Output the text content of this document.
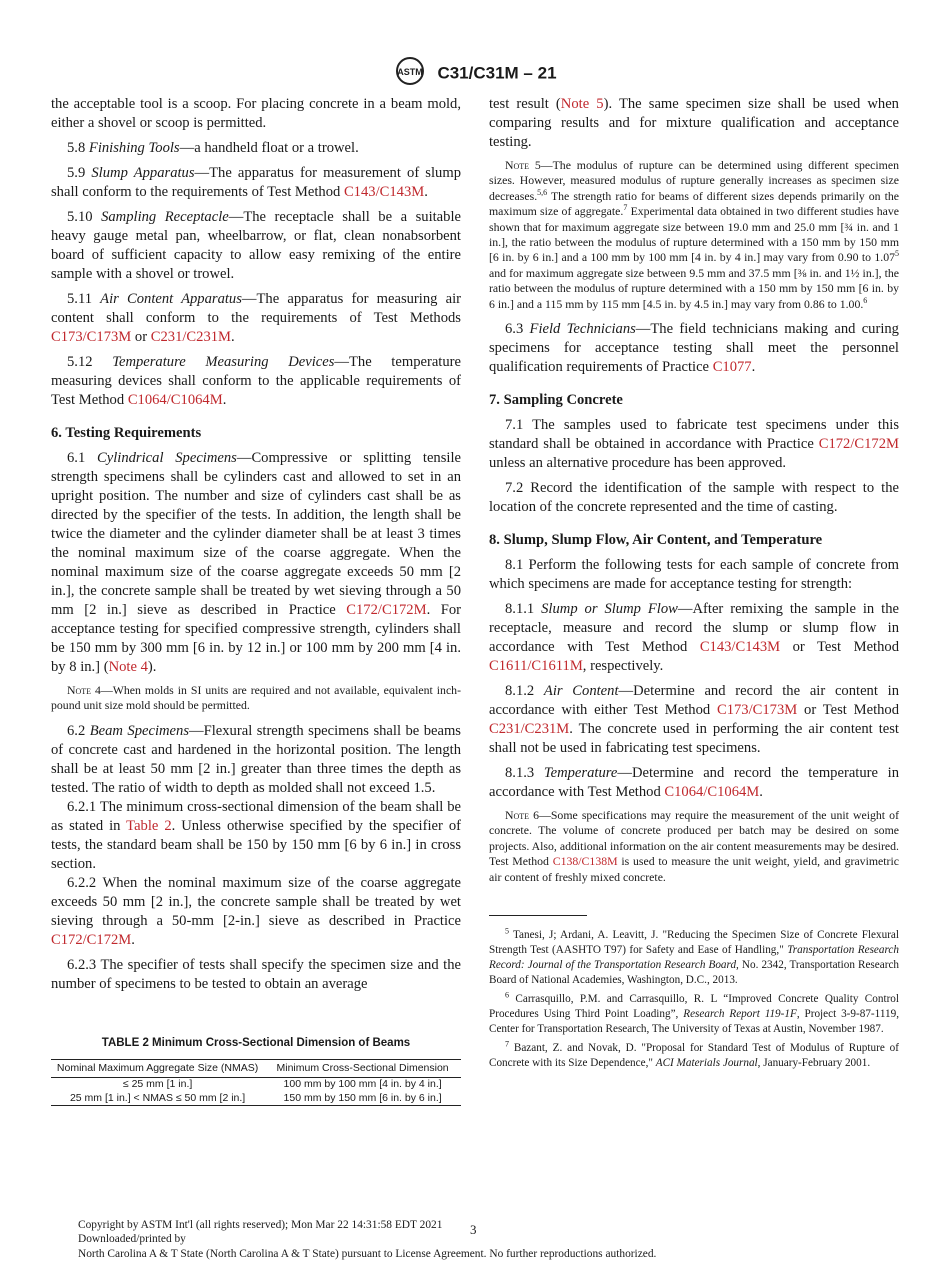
ASTM C31/C31M – 21

the acceptable tool is a scoop. For placing concrete in a beam mold, either a shovel or scoop is permitted.

5.8 Finishing Tools—a handheld float or a trowel.

5.9 Slump Apparatus—The apparatus for measurement of slump shall conform to the requirements of Test Method C143/C143M.

5.10 Sampling Receptacle—The receptacle shall be a suitable heavy gauge metal pan, wheelbarrow, or flat, clean nonabsorbent board of sufficient capacity to allow easy remixing of the entire sample with a shovel or trowel.

5.11 Air Content Apparatus—The apparatus for measuring air content shall conform to the requirements of Test Methods C173/C173M or C231/C231M.

5.12 Temperature Measuring Devices—The temperature measuring devices shall conform to the applicable requirements of Test Method C1064/C1064M.

6. Testing Requirements

6.1 Cylindrical Specimens—Compressive or splitting tensile strength specimens shall be cylinders cast and allowed to set in an upright position. The number and size of cylinders cast shall be as directed by the specifier of the tests. In addition, the length shall be twice the diameter and the cylinder diameter shall be at least 3 times the nominal maximum size of the coarse aggregate. When the nominal maximum size of the coarse aggregate exceeds 50 mm [2 in.], the concrete sample shall be treated by wet sieving through a 50 mm [2 in.] sieve as described in Practice C172/C172M. For acceptance testing for specified compressive strength, cylinders shall be 150 mm by 300 mm [6 in. by 12 in.] or 100 mm by 200 mm [4 in. by 8 in.] (Note 4).

Note 4—When molds in SI units are required and not available, equivalent inch-pound unit size mold should be permitted.

6.2 Beam Specimens—Flexural strength specimens shall be beams of concrete cast and hardened in the horizontal position. The length shall be at least 50 mm [2 in.] greater than three times the depth as tested. The ratio of width to depth as molded shall not exceed 1.5.

6.2.1 The minimum cross-sectional dimension of the beam shall be as stated in Table 2. Unless otherwise specified by the specifier of tests, the standard beam shall be 150 by 150 mm [6 by 6 in.] in cross section.

6.2.2 When the nominal maximum size of the coarse aggregate exceeds 50 mm [2 in.], the concrete sample shall be treated by wet sieving through a 50-mm [2-in.] sieve as described in Practice C172/C172M.

6.2.3 The specifier of tests shall specify the specimen size and the number of specimens to be tested to obtain an average

TABLE 2 Minimum Cross-Sectional Dimension of Beams
Nominal Maximum Aggregate Size (NMAS)	Minimum Cross-Sectional Dimension
≤ 25 mm [1 in.]	100 mm by 100 mm [4 in. by 4 in.]
25 mm [1 in.] < NMAS ≤ 50 mm [2 in.]	150 mm by 150 mm [6 in. by 6 in.]

test result (Note 5). The same specimen size shall be used when comparing results and for mixture qualification and acceptance testing.

Note 5—The modulus of rupture can be determined using different specimen sizes. However, measured modulus of rupture generally increases as specimen size decreases.$^{5,6}$ The strength ratio for beams of different sizes depends primarily on the maximum size of aggregate.$^7$ Experimental data obtained in two different studies have shown that for maximum aggregate size between 19.0 mm and 25.0 mm [¾ in. and 1 in.], the ratio between the modulus of rupture determined with a 150 mm by 150 mm [6 in. by 6 in.] and a 100 mm by 100 mm [4 in. by 4 in.] may vary from 0.90 to 1.07$^5$ and for maximum aggregate size between 9.5 mm and 37.5 mm [⅜ in. and 1½ in.], the ratio between the modulus of rupture determined with a 150 mm by 150 mm [6 in. by 6 in.] and a 115 mm by 115 mm [4.5 in. by 4.5 in.] may vary from 0.86 to 1.00.$^6$

6.3 Field Technicians—The field technicians making and curing specimens for acceptance testing shall meet the personnel qualification requirements of Practice C1077.

7. Sampling Concrete

7.1 The samples used to fabricate test specimens under this standard shall be obtained in accordance with Practice C172/C172M unless an alternative procedure has been approved.

7.2 Record the identification of the sample with respect to the location of the concrete represented and the time of casting.

8. Slump, Slump Flow, Air Content, and Temperature

8.1 Perform the following tests for each sample of concrete from which specimens are made for acceptance testing for strength:

8.1.1 Slump or Slump Flow—After remixing the sample in the receptacle, measure and record the slump or slump flow in accordance with Test Method C143/C143M or Test Method C1611/C1611M, respectively.

8.1.2 Air Content—Determine and record the air content in accordance with either Test Method C173/C173M or Test Method C231/C231M. The concrete used in performing the air content test shall not be used in fabricating test specimens.

8.1.3 Temperature—Determine and record the temperature in accordance with Test Method C1064/C1064M.

Note 6—Some specifications may require the measurement of the unit weight of concrete. The volume of concrete produced per batch may be desired on some projects. Also, additional information on the air content measurements may be desired. Test Method C138/C138M is used to measure the unit weight, yield, and gravimetric air content of freshly mixed concrete.

$^5$ Tanesi, J; Ardani, A. Leavitt, J. "Reducing the Specimen Size of Concrete Flexural Strength Test (AASHTO T97) for Safety and Ease of Handling," Transportation Research Record: Journal of the Transportation Research Board, No. 2342, Transportation Research Board of National Academies, Washington, D.C., 2013.

$^6$ Carrasquillo, P.M. and Carrasquillo, R. L “Improved Concrete Quality Control Procedures Using Third Point Loading”, Research Report 119-1F, Project 3-9-87-1119, Center for Transportation Research, The University of Texas at Austin, November 1987.

$^7$ Bazant, Z. and Novak, D. "Proposal for Standard Test of Modulus of Rupture of Concrete with its Size Dependence," ACI Materials Journal, January-February 2001.

3
Copyright by ASTM Int'l (all rights reserved); Mon Mar 22 14:31:58 EDT 2021
Downloaded/printed by
North Carolina A & T State (North Carolina A & T State) pursuant to License Agreement. No further reproductions authorized.
